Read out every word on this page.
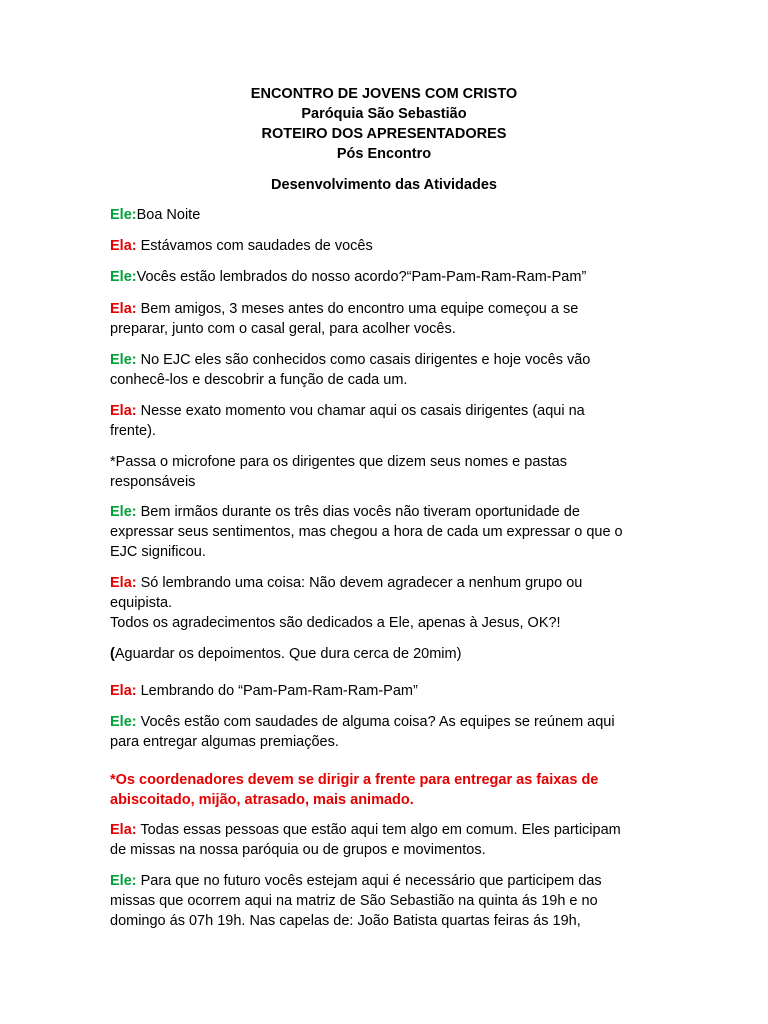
ENCONTRO DE JOVENS COM CRISTO
Paróquia São Sebastião
ROTEIRO DOS APRESENTADORES
Pós Encontro
Desenvolvimento das Atividades
Ele:Boa Noite
Ela: Estávamos com saudades de vocês
Ele:Vocês estão lembrados do nosso acordo?“Pam-Pam-Ram-Ram-Pam”
Ela: Bem amigos, 3 meses antes do encontro uma equipe começou a se
preparar, junto com o casal geral, para acolher vocês.
Ele: No EJC eles são conhecidos como casais dirigentes e hoje vocês vão
conhecê-los e descobrir a função de cada um.
Ela: Nesse exato momento vou chamar aqui os casais dirigentes (aqui na
frente).
*Passa o microfone para os dirigentes que dizem seus nomes e pastas
responsáveis
Ele: Bem irmãos durante os três dias vocês não tiveram oportunidade de
expressar seus sentimentos, mas chegou a hora de cada um expressar o que o
EJC significou.
Ela: Só lembrando uma coisa: Não devem agradecer a nenhum grupo ou
equipista.
Todos os agradecimentos são dedicados a Ele, apenas à Jesus, OK?!
(Aguardar os depoimentos. Que dura cerca de 20mim)
Ela: Lembrando do “Pam-Pam-Ram-Ram-Pam”
Ele: Vocês estão com saudades de alguma coisa? As equipes se reúnem aqui
para entregar algumas premiações.
*Os coordenadores devem se dirigir a frente para entregar as faixas de
abiscoitado, mijão, atrasado, mais animado.
Ela: Todas essas pessoas que estão aqui tem algo em comum. Eles participam
de missas na nossa paróquia ou de grupos e movimentos.
Ele: Para que no futuro vocês estejam aqui é necessário que participem das
missas que ocorrem aqui na matriz de São Sebastião na quinta ás 19h e no
domingo ás 07h 19h. Nas capelas de: João Batista quartas feiras ás 19h,
